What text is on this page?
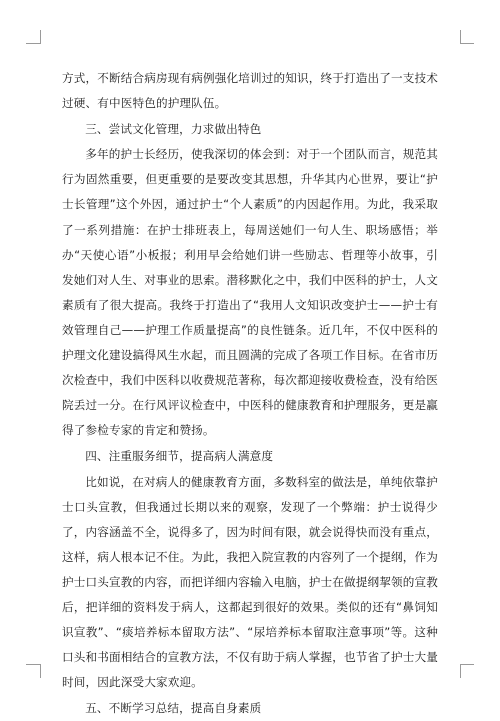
方式，不断结合病房现有病例强化培训过的知识，终于打造出了一支技术过硬、有中医特色的护理队伍。

三、尝试文化管理，力求做出特色

多年的护士长经历，使我深切的体会到：对于一个团队而言，规范其行为固然重要，但更重要的是要改变其思想，升华其内心世界，要让“护士长管理”这个外因，通过护士“个人素质”的内因起作用。为此，我采取了一系列措施：在护士排班表上，每周送她们一句人生、职场感悟；举办“天使心语”小板报；利用早会给她们讲一些励志、哲理等小故事，引发她们对人生、对事业的思索。潜移默化之中，我们中医科的护士，人文素质有了很大提高。我终于打造出了“我用人文知识改变护士——护士有效管理自己——护理工作质量提高”的良性链条。近几年，不仅中医科的护理文化建设搞得风生水起，而且圆满的完成了各项工作目标。在省市历次检查中，我们中医科以收费规范著称，每次都迎接收费检查，没有给医院丢过一分。在行风评议检查中，中医科的健康教育和护理服务，更是赢得了参检专家的肯定和赞扬。

四、注重服务细节，提高病人满意度

比如说，在对病人的健康教育方面，多数科室的做法是，单纯依靠护士口头宣教，但我通过长期以来的观察，发现了一个弊端：护士说得少了，内容涵盖不全，说得多了，因为时间有限，就会说得快而没有重点，这样，病人根本记不住。为此，我把入院宣教的内容列了一个提纲，作为护士口头宣教的内容，而把详细内容输入电脑，护士在做提纲挈领的宣教后，把详细的资料发于病人，这都起到很好的效果。类似的还有“鼻饲知识宣教”、“痰培养标本留取方法”、“尿培养标本留取注意事项”等。这种口头和书面相结合的宣教方法，不仅有助于病人掌握，也节省了护士大量时间，因此深受大家欢迎。

五、不断学习总结，提高自身素质
